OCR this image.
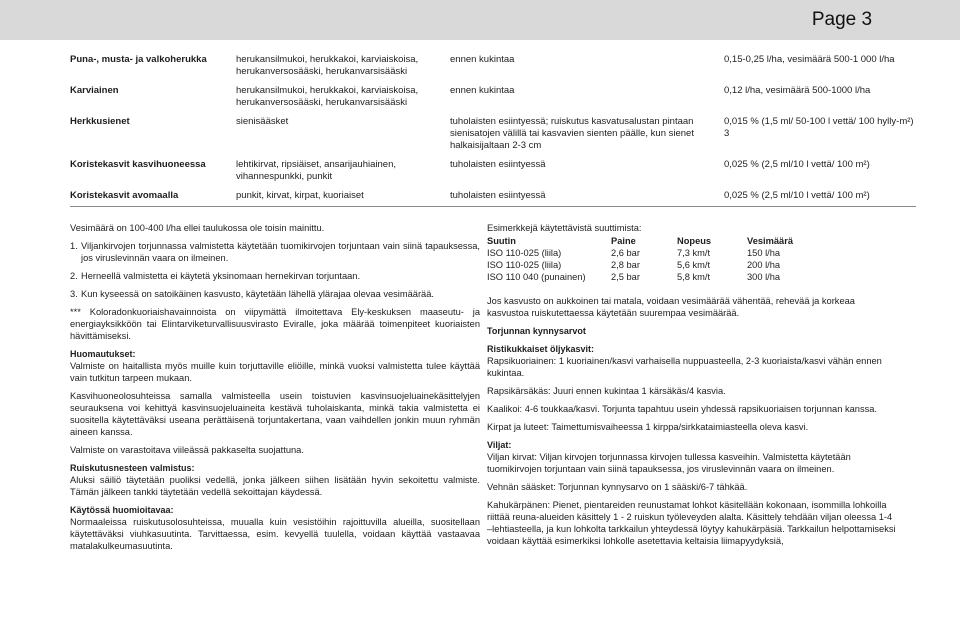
Page 3
Puna-, musta- ja valkoherukka	herukansilmukoi, herukkakoi, karviaiskoisa, herukanversosääski, herukanvarsisääski	ennen kukintaa	0,15-0,25 l/ha, vesimäärä 500-1 000 l/ha
Karviainen	herukansilmukoi, herukkakoi, karviaiskoisa, herukanversosääski, herukanvarsisääski	ennen kukintaa	0,12 l/ha, vesimäärä 500-1000 l/ha
Herkkusienet	sienisääsket	tuholaisten esiintyessä; ruiskutus kasvatusalustan pintaan sienisatojen välillä tai kasvavien sienten päälle, kun sienet halkaisijaltaan 2-3 cm	0,015 % (1,5 ml/ 50-100 l vettä/ 100 hylly-m²) 3
Koristekasvit kasvihuoneessa	lehtikirvat, ripsiäiset, ansarijauhiainen, vihannespunkki, punkit	tuholaisten esiintyessä	0,025 % (2,5 ml/10 l vettä/ 100 m²)
Koristekasvit avomaalla	punkit, kirvat, kirpat, kuoriaiset	tuholaisten esiintyessä	0,025 % (2,5 ml/10 l vettä/ 100 m²)

Vesimäärä on 100-400 l/ha ellei taulukossa ole toisin mainittu.

1. Viljankirvojen torjunnassa valmistetta käytetään tuomikirvojen torjuntaan vain siinä tapauksessa, jos viruslevinnän vaara on ilmeinen.

2. Herneellä valmistetta ei käytetä yksinomaan hernekirvan torjuntaan.

3. Kun kyseessä on satoikäinen kasvusto, käytetään lähellä ylärajaa olevaa vesimäärää.

*** Koloradonkuoriaishavainnoista on viipymättä ilmoitettava Ely-keskuksen maaseutu- ja energiayksikköön tai Elintarviketurvallisuusvirasto Eviralle, joka määrää toimenpiteet kuoriaisten hävittämiseksi.

Huomautukset:

Valmiste on haitallista myös muille kuin torjuttaville eliöille, minkä vuoksi valmistetta tulee käyttää vain tutkitun tarpeen mukaan.

Kasvihuoneolosuhteissa samalla valmisteella usein toistuvien kasvinsuojeluainekäsittelyjen seurauksena voi kehittyä kasvinsuojeluaineita kestävä tuholaiskanta, minkä takia valmistetta ei suositella käytettäväksi useana perättäisenä torjuntakertana, vaan vaihdellen jonkin muun ryhmän aineen kanssa.

Valmiste on varastoitava viileässä pakkaselta suojattuna.

Ruiskutusnesteen valmistus:

Aluksi säiliö täytetään puoliksi vedellä, jonka jälkeen siihen lisätään hyvin sekoitettu valmiste. Tämän jälkeen tankki täytetään vedellä sekoittajan käydessä.

Käytössä huomioitavaa:

Normaaleissa ruiskutusolosuhteissa, muualla kuin vesistöihin rajoittuvilla alueilla, suositellaan käytettäväksi viuhkasuutinta. Tarvittaessa, esim. kevyellä tuulella, voidaan käyttää vastaavaa matalakulkeumasuutinta.

Esimerkkejä käytettävistä suuttimista:

Suutin	Paine	Nopeus	Vesimäärä
ISO 110-025 (liila)	2,6 bar	7,3 km/t	150 l/ha
ISO 110-025 (liila)	2,8 bar	5,6 km/t	200 l/ha
ISO 110 040 (punainen)	2,5 bar	5,8 km/t	300 l/ha

Jos kasvusto on aukkoinen tai matala, voidaan vesimäärää vähentää, rehevää ja korkeaa kasvustoa ruiskutettaessa käytetään suurempaa vesimäärää.

Torjunnan kynnysarvot

Ristikukkaiset öljykasvit:

Rapsikuoriainen: 1 kuoriainen/kasvi varhaisella nuppuasteella, 2-3 kuoriaista/kasvi vähän ennen kukintaa.

Rapsikärsäkäs: Juuri ennen kukintaa 1 kärsäkäs/4 kasvia.

Kaalikoi: 4-6 toukkaa/kasvi. Torjunta tapahtuu usein yhdessä rapsikuoriaisen torjunnan kanssa.

Kirpat ja luteet: Taimettumisvaiheessa 1 kirppa/sirkkataimiasteella oleva kasvi.

Viljat:

Viljan kirvat: Viljan kirvojen torjunnassa kirvojen tullessa kasveihin. Valmistetta käytetään tuomikirvojen torjuntaan vain siinä tapauksessa, jos viruslevinnän vaara on ilmeinen.

Vehnän sääsket: Torjunnan kynnysarvo on 1 sääski/6-7 tähkää.

Kahukärpänen: Pienet, pientareiden reunustamat lohkot käsitellään kokonaan, isommilla lohkoilla riittää reuna-alueiden käsittely 1 - 2 ruiskun työleveyden alalta. Käsittely tehdään viljan oleessa 1-4 –lehtiasteella, ja kun lohkolta tarkkailun yhteydessä löytyy kahukärpäsiä. Tarkkailun helpottamiseksi voidaan käyttää esimerkiksi lohkolle asetettavia keltaisia liimapyydyksiä,
